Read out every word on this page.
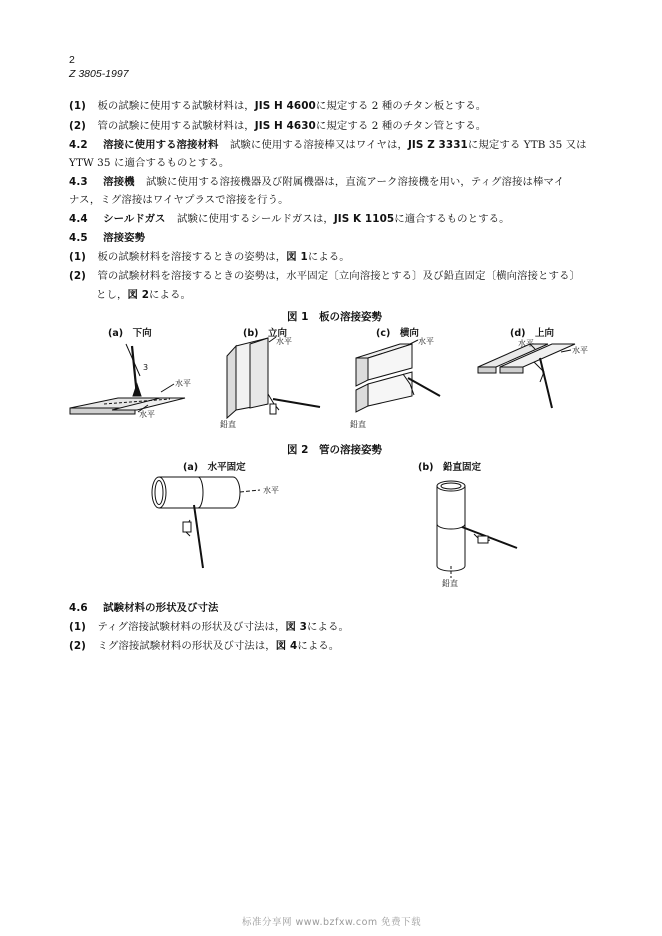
2
Z 3805-1997
(1) 板の試験に使用する試験材料は，JIS H 4600に規定する 2 種のチタン板とする。
(2) 管の試験に使用する試験材料は，JIS H 4630に規定する 2 種のチタン管とする。
4.2 溶接に使用する溶接材料 試験に使用する溶接棒又はワイヤは，JIS Z 3331に規定する YTB 35 又は
YTW 35 に適合するものとする。
4.3 溶接機 試験に使用する溶接機器及び附属機器は，直流アーク溶接機を用い，ティグ溶接は棒マイ
ナス，ミグ溶接はワイヤプラスで溶接を行う。
4.4 シールドガス 試験に使用するシールドガスは，JIS K 1105に適合するものとする。
4.5 溶接姿勢
(1) 板の試験材料を溶接するときの姿勢は，図 1による。
(2) 管の試験材料を溶接するときの姿勢は，水平固定〔立向溶接とする〕及び鉛直固定〔横向溶接とする〕
とし，図 2による。
図 1　板の溶接姿勢
(a)　下向	(b)　立向	(c)　横向	(d)　上向
3
水平
水平
水平
鉛直
水平
鉛直
水平
水平
図 2　管の溶接姿勢
(a)　水平固定	(b)　鉛直固定
水平
鉛直
4.6 試験材料の形状及び寸法
(1) ティグ溶接試験材料の形状及び寸法は，図 3による。
(2) ミグ溶接試験材料の形状及び寸法は，図 4による。
标准分享网 www.bzfxw.com 免费下载
